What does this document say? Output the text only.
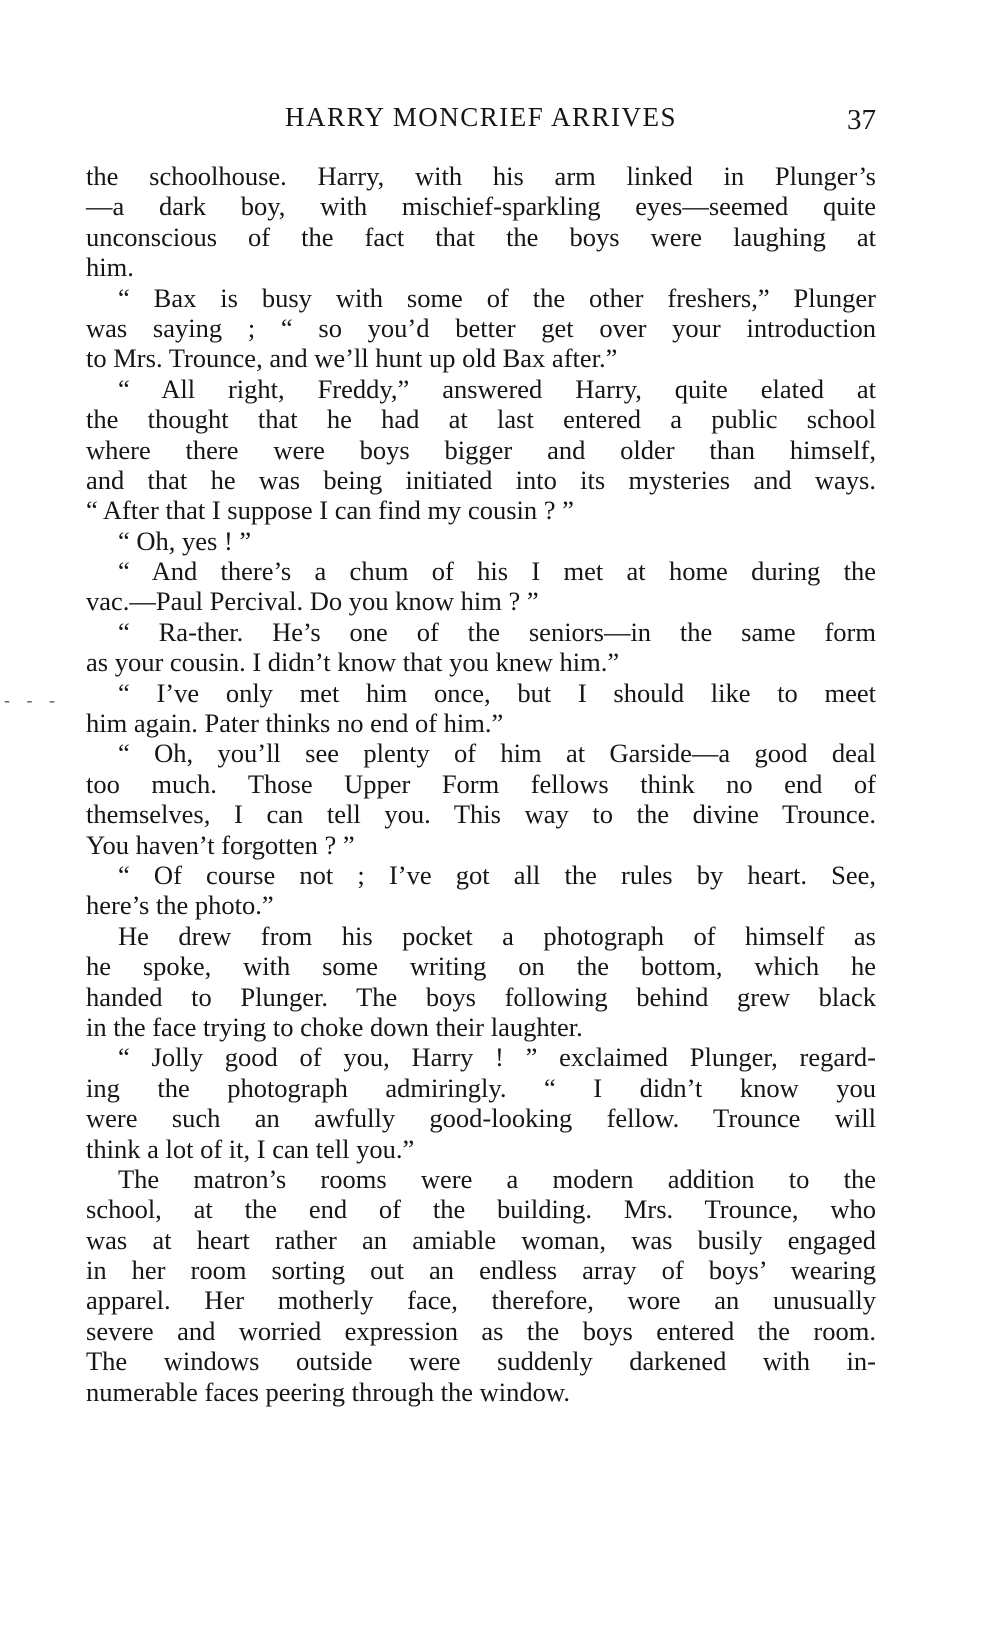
HARRY MONCRIEF ARRIVES	37
- - -
the schoolhouse. Harry, with his arm linked in Plunger’s
—a dark boy, with mischief-sparkling eyes—seemed quite
unconscious of the fact that the boys were laughing at
him.
“ Bax is busy with some of the other freshers,” Plunger
was saying ; “ so you’d better get over your introduction
to Mrs. Trounce, and we’ll hunt up old Bax after.”
“ All right, Freddy,” answered Harry, quite elated at
the thought that he had at last entered a public school
where there were boys bigger and older than himself,
and that he was being initiated into its mysteries and ways.
“ After that I suppose I can find my cousin ? ”
“ Oh, yes ! ”
“ And there’s a chum of his I met at home during the
vac.—Paul Percival. Do you know him ? ”
“ Ra-ther. He’s one of the seniors—in the same form
as your cousin. I didn’t know that you knew him.”
“ I’ve only met him once, but I should like to meet
him again. Pater thinks no end of him.”
“ Oh, you’ll see plenty of him at Garside—a good deal
too much. Those Upper Form fellows think no end of
themselves, I can tell you. This way to the divine Trounce.
You haven’t forgotten ? ”
“ Of course not ; I’ve got all the rules by heart. See,
here’s the photo.”
He drew from his pocket a photograph of himself as
he spoke, with some writing on the bottom, which he
handed to Plunger. The boys following behind grew black
in the face trying to choke down their laughter.
“ Jolly good of you, Harry ! ” exclaimed Plunger, regard-
ing the photograph admiringly. “ I didn’t know you
were such an awfully good-looking fellow. Trounce will
think a lot of it, I can tell you.”
The matron’s rooms were a modern addition to the
school, at the end of the building. Mrs. Trounce, who
was at heart rather an amiable woman, was busily engaged
in her room sorting out an endless array of boys’ wearing
apparel. Her motherly face, therefore, wore an unusually
severe and worried expression as the boys entered the room.
The windows outside were suddenly darkened with in-
numerable faces peering through the window.
